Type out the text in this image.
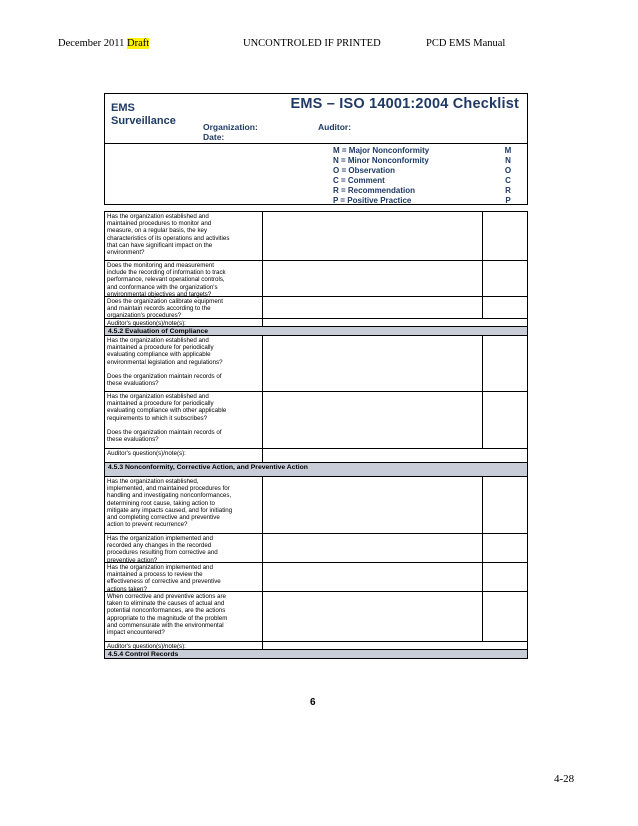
December 2011 Draft	UNCONTROLED IF PRINTED	PCD EMS Manual
EMS
Surveillance
EMS – ISO 14001:2004 Checklist
Organization:
Date:
Auditor:
M = Major Nonconformity
N = Minor Nonconformity
O = Observation
C = Comment
R = Recommendation
P = Positive Practice
M
N
O
C
R
P
Has the organization established and
maintained procedures to monitor and
measure, on a regular basis, the key
characteristics of its operations and activities
that can have significant impact on the
environment?
Does the monitoring and measurement
include the recording of information to track
performance, relevant operational controls,
and conformance with the organization's
environmental objectives and targets?
Does the organization calibrate equipment
and maintain records according to the
organization's procedures?
Auditor's question(s)/note(s):
4.5.2 Evaluation of Compliance
Has the organization established and
maintained a procedure for periodically
evaluating compliance with applicable
environmental legislation and regulations?

Does the organization maintain records of
these evaluations?
Has the organization established and
maintained a procedure for periodically
evaluating compliance with other applicable
requirements to which it subscribes?

Does the organization maintain records of
these evaluations?
Auditor's question(s)/note(s):
4.5.3 Nonconformity, Corrective Action, and Preventive Action
Has the organization established,
implemented, and maintained procedures for
handling and investigating nonconformances,
determining root cause, taking action to
mitigate any impacts caused, and for initiating
and completing corrective and preventive
action to prevent recurrence?
Has the organization implemented and
recorded any changes in the recorded
procedures resulting from corrective and
preventive action?
Has the organization implemented and
maintained a process to review the
effectiveness of corrective and preventive
actions taken?
When corrective and preventive actions are
taken to eliminate the causes of actual and
potential nonconformances, are the actions
appropriate to the magnitude of the problem
and commensurate with the environmental
impact encountered?
Auditor's question(s)/note(s):
4.5.4 Control Records
6
4-28
